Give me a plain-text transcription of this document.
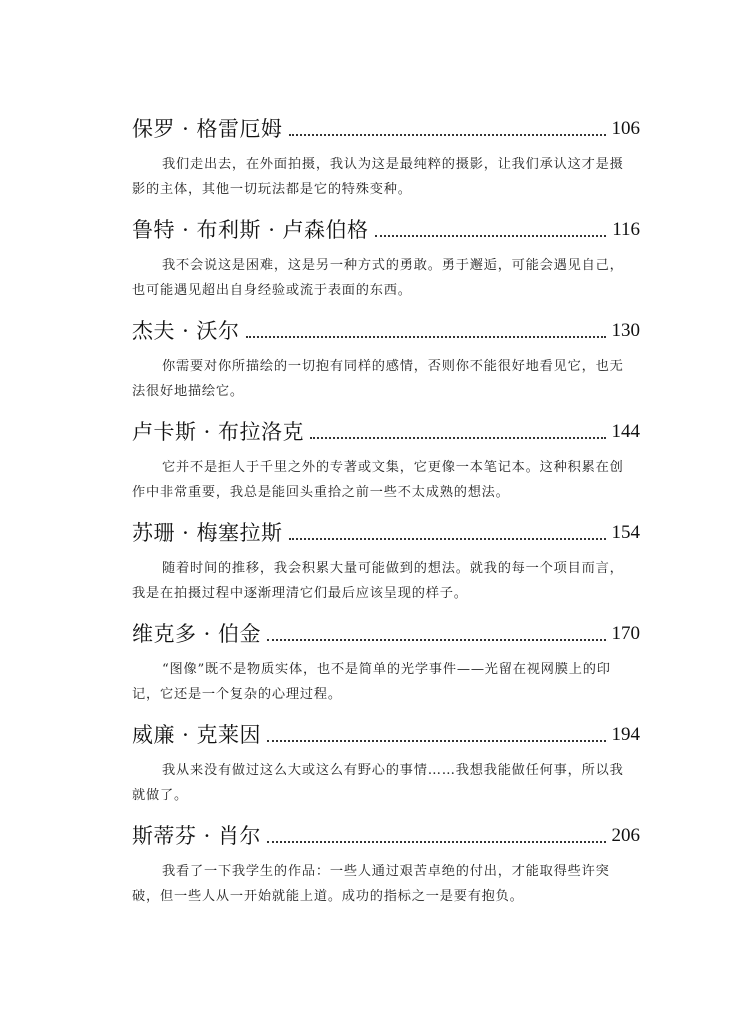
保罗 · 格雷厄姆	106
我们走出去，在外面拍摄，我认为这是最纯粹的摄影，让我们承认这才是摄影的主体，其他一切玩法都是它的特殊变种。
鲁特 · 布利斯 · 卢森伯格	116
我不会说这是困难，这是另一种方式的勇敢。勇于邂逅，可能会遇见自己，也可能遇见超出自身经验或流于表面的东西。
杰夫 · 沃尔	130
你需要对你所描绘的一切抱有同样的感情，否则你不能很好地看见它，也无法很好地描绘它。
卢卡斯 · 布拉洛克	144
它并不是拒人于千里之外的专著或文集，它更像一本笔记本。这种积累在创作中非常重要，我总是能回头重拾之前一些不太成熟的想法。
苏珊 · 梅塞拉斯	154
随着时间的推移，我会积累大量可能做到的想法。就我的每一个项目而言，我是在拍摄过程中逐渐理清它们最后应该呈现的样子。
维克多 · 伯金	170
“图像”既不是物质实体，也不是简单的光学事件——光留在视网膜上的印记，它还是一个复杂的心理过程。
威廉 · 克莱因	194
我从来没有做过这么大或这么有野心的事情……我想我能做任何事，所以我就做了。
斯蒂芬 · 肖尔	206
我看了一下我学生的作品：一些人通过艰苦卓绝的付出，才能取得些许突破，但一些人从一开始就能上道。成功的指标之一是要有抱负。
